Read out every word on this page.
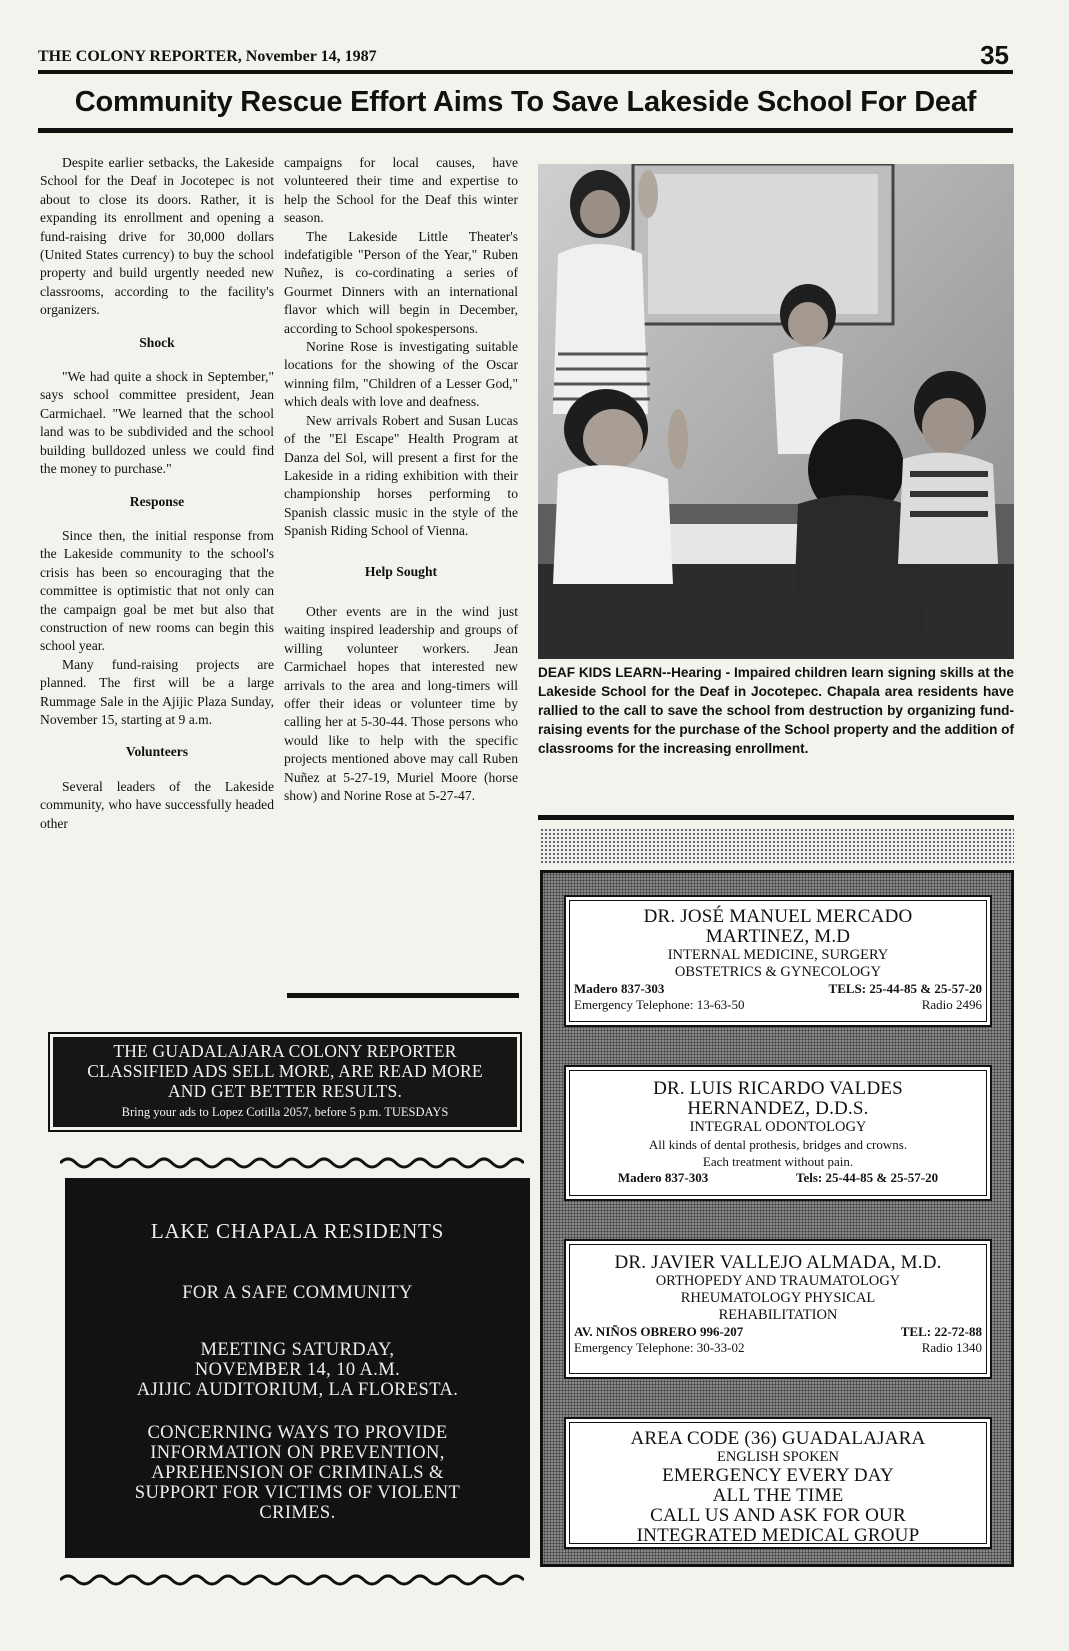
THE COLONY REPORTER, November 14, 1987	35
Community Rescue Effort Aims To Save Lakeside School For Deaf

Despite earlier setbacks, the Lakeside School for the Deaf in Jocotepec is not about to close its doors. Rather, it is expanding its enrollment and opening a fund-raising drive for 30,000 dollars (United States currency) to buy the school property and build urgently needed new classrooms, according to the facility's organizers.

Shock

"We had quite a shock in September," says school committee president, Jean Carmichael. "We learned that the school land was to be subdivided and the school building bulldozed unless we could find the money to purchase."

Response

Since then, the initial response from the Lakeside community to the school's crisis has been so encouraging that the committee is optimistic that not only can the campaign goal be met but also that construction of new rooms can begin this school year.

Many fund-raising projects are planned. The first will be a large Rummage Sale in the Ajijic Plaza Sunday, November 15, starting at 9 a.m.

Volunteers

Several leaders of the Lakeside community, who have successfully headed other

campaigns for local causes, have volunteered their time and expertise to help the School for the Deaf this winter season.

The Lakeside Little Theater's indefatigible "Person of the Year," Ruben Nuñez, is co-cordinating a series of Gourmet Dinners with an international flavor which will begin in December, according to School spokespersons.

Norine Rose is investigating suitable locations for the showing of the Oscar winning film, "Children of a Lesser God," which deals with love and deafness.

New arrivals Robert and Susan Lucas of the "El Escape" Health Program at Danza del Sol, will present a first for the Lakeside in a riding exhibition with their championship horses performing to Spanish classic music in the style of the Spanish Riding School of Vienna.

Help Sought

Other events are in the wind just waiting inspired leadership and groups of willing volunteer workers. Jean Carmichael hopes that interested new arrivals to the area and long-timers will offer their ideas or volunteer time by calling her at 5-30-44. Those persons who would like to help with the specific projects mentioned above may call Ruben Nuñez at 5-27-19, Muriel Moore (horse show) and Norine Rose at 5-27-47.

DEAF KIDS LEARN--Hearing - Impaired children learn signing skills at the Lakeside School for the Deaf in Jocotepec. Chapala area residents have rallied to the call to save the school from destruction by organizing fund-raising events for the purchase of the School property and the addition of classrooms for the increasing enrollment.
THE GUADALAJARA COLONY REPORTER
CLASSIFIED ADS SELL MORE, ARE READ MORE
AND GET BETTER RESULTS.
Bring your ads to Lopez Cotilla 2057, before 5 p.m. TUESDAYS
LAKE CHAPALA RESIDENTS
FOR A SAFE COMMUNITY
MEETING SATURDAY,
NOVEMBER 14, 10 A.M.
AJIJIC AUDITORIUM, LA FLORESTA.
CONCERNING WAYS TO PROVIDE
INFORMATION ON PREVENTION,
APREHENSION OF CRIMINALS &
SUPPORT FOR VICTIMS OF VIOLENT
CRIMES.
DR. JOSÉ MANUEL MERCADO
MARTINEZ, M.D
INTERNAL MEDICINE, SURGERY
OBSTETRICS & GYNECOLOGY
Madero 837-303	TELS: 25-44-85 & 25-57-20
Emergency Telephone: 13-63-50	Radio 2496
DR. LUIS RICARDO VALDES
HERNANDEZ, D.D.S.
INTEGRAL ODONTOLOGY
All kinds of dental prothesis, bridges and crowns.
Each treatment without pain.
Madero 837-303	Tels: 25-44-85 & 25-57-20
DR. JAVIER VALLEJO ALMADA, M.D.
ORTHOPEDY AND TRAUMATOLOGY
RHEUMATOLOGY PHYSICAL
REHABILITATION
AV. NIÑOS OBRERO 996-207	TEL: 22-72-88
Emergency Telephone: 30-33-02	Radio 1340
AREA CODE (36) GUADALAJARA
ENGLISH SPOKEN
EMERGENCY EVERY DAY
ALL THE TIME
CALL US AND ASK FOR OUR
INTEGRATED MEDICAL GROUP
